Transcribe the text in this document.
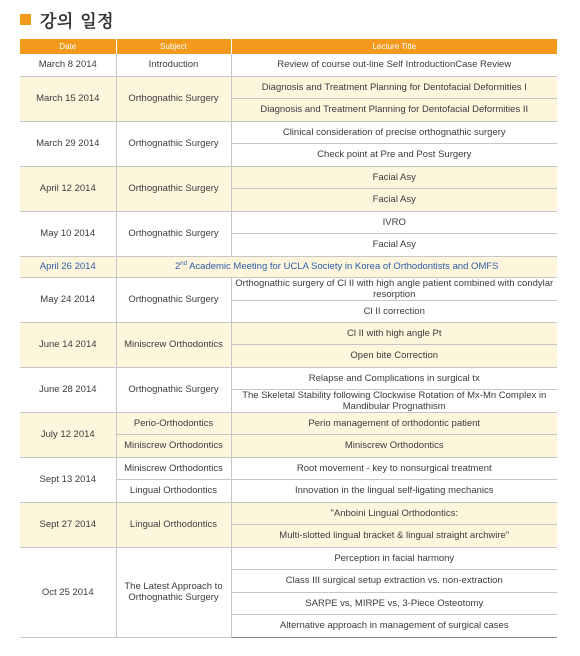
강의 일정
Date	Subject	Lecture Title
March 8 2014	Introduction	Review of course out-line Self IntroductionCase Review
March 15 2014	Orthognathic Surgery	Diagnosis and Treatment Planning for Dentofacial Deformities I
		Diagnosis and Treatment Planning for Dentofacial Deformities II
March 29 2014	Orthognathic Surgery	Clinical consideration of precise orthognathic surgery
		Check point at Pre and Post Surgery
April 12 2014	Orthognathic Surgery	Facial Asy
		Facial Asy
May 10 2014	Orthognathic Surgery	IVRO
		Facial Asy
April 26 2014	2nd Academic Meeting for UCLA Society in Korea of Orthodontists and OMFS	
May 24 2014	Orthognathic Surgery	Orthognathic surgery of Cl II with high angle patient combined with condylar resorption
		Cl II correction
June 14 2014	Miniscrew Orthodontics	Cl II with high angle Pt
		Open bite Correction
June 28 2014	Orthognathic Surgery	Relapse and Complications in surgical tx
		The Skeletal Stability following Clockwise Rotation of Mx-Mn Complex in Mandibular Prognathism
July 12 2014	Perio-Orthodontics	Perio management of orthodontic patient
	Miniscrew Orthodontics	Miniscrew Orthodontics
Sept 13 2014	Miniscrew Orthodontics	Root movement - key to nonsurgical treatment
	Lingual Orthodontics	Innovation in the lingual self-ligating mechanics
Sept 27 2014	Lingual Orthodontics	"Anboini Lingual Orthodontics:
		Multi-slotted lingual bracket & lingual straight archwire"
Oct 25 2014	The Latest Approach to Orthognathic Surgery	Perception in facial harmony
		Class III surgical setup extraction vs. non-extraction
		SARPE vs, MIRPE vs, 3-Piece Osteotomy
		Alternative approach in management of surgical cases
